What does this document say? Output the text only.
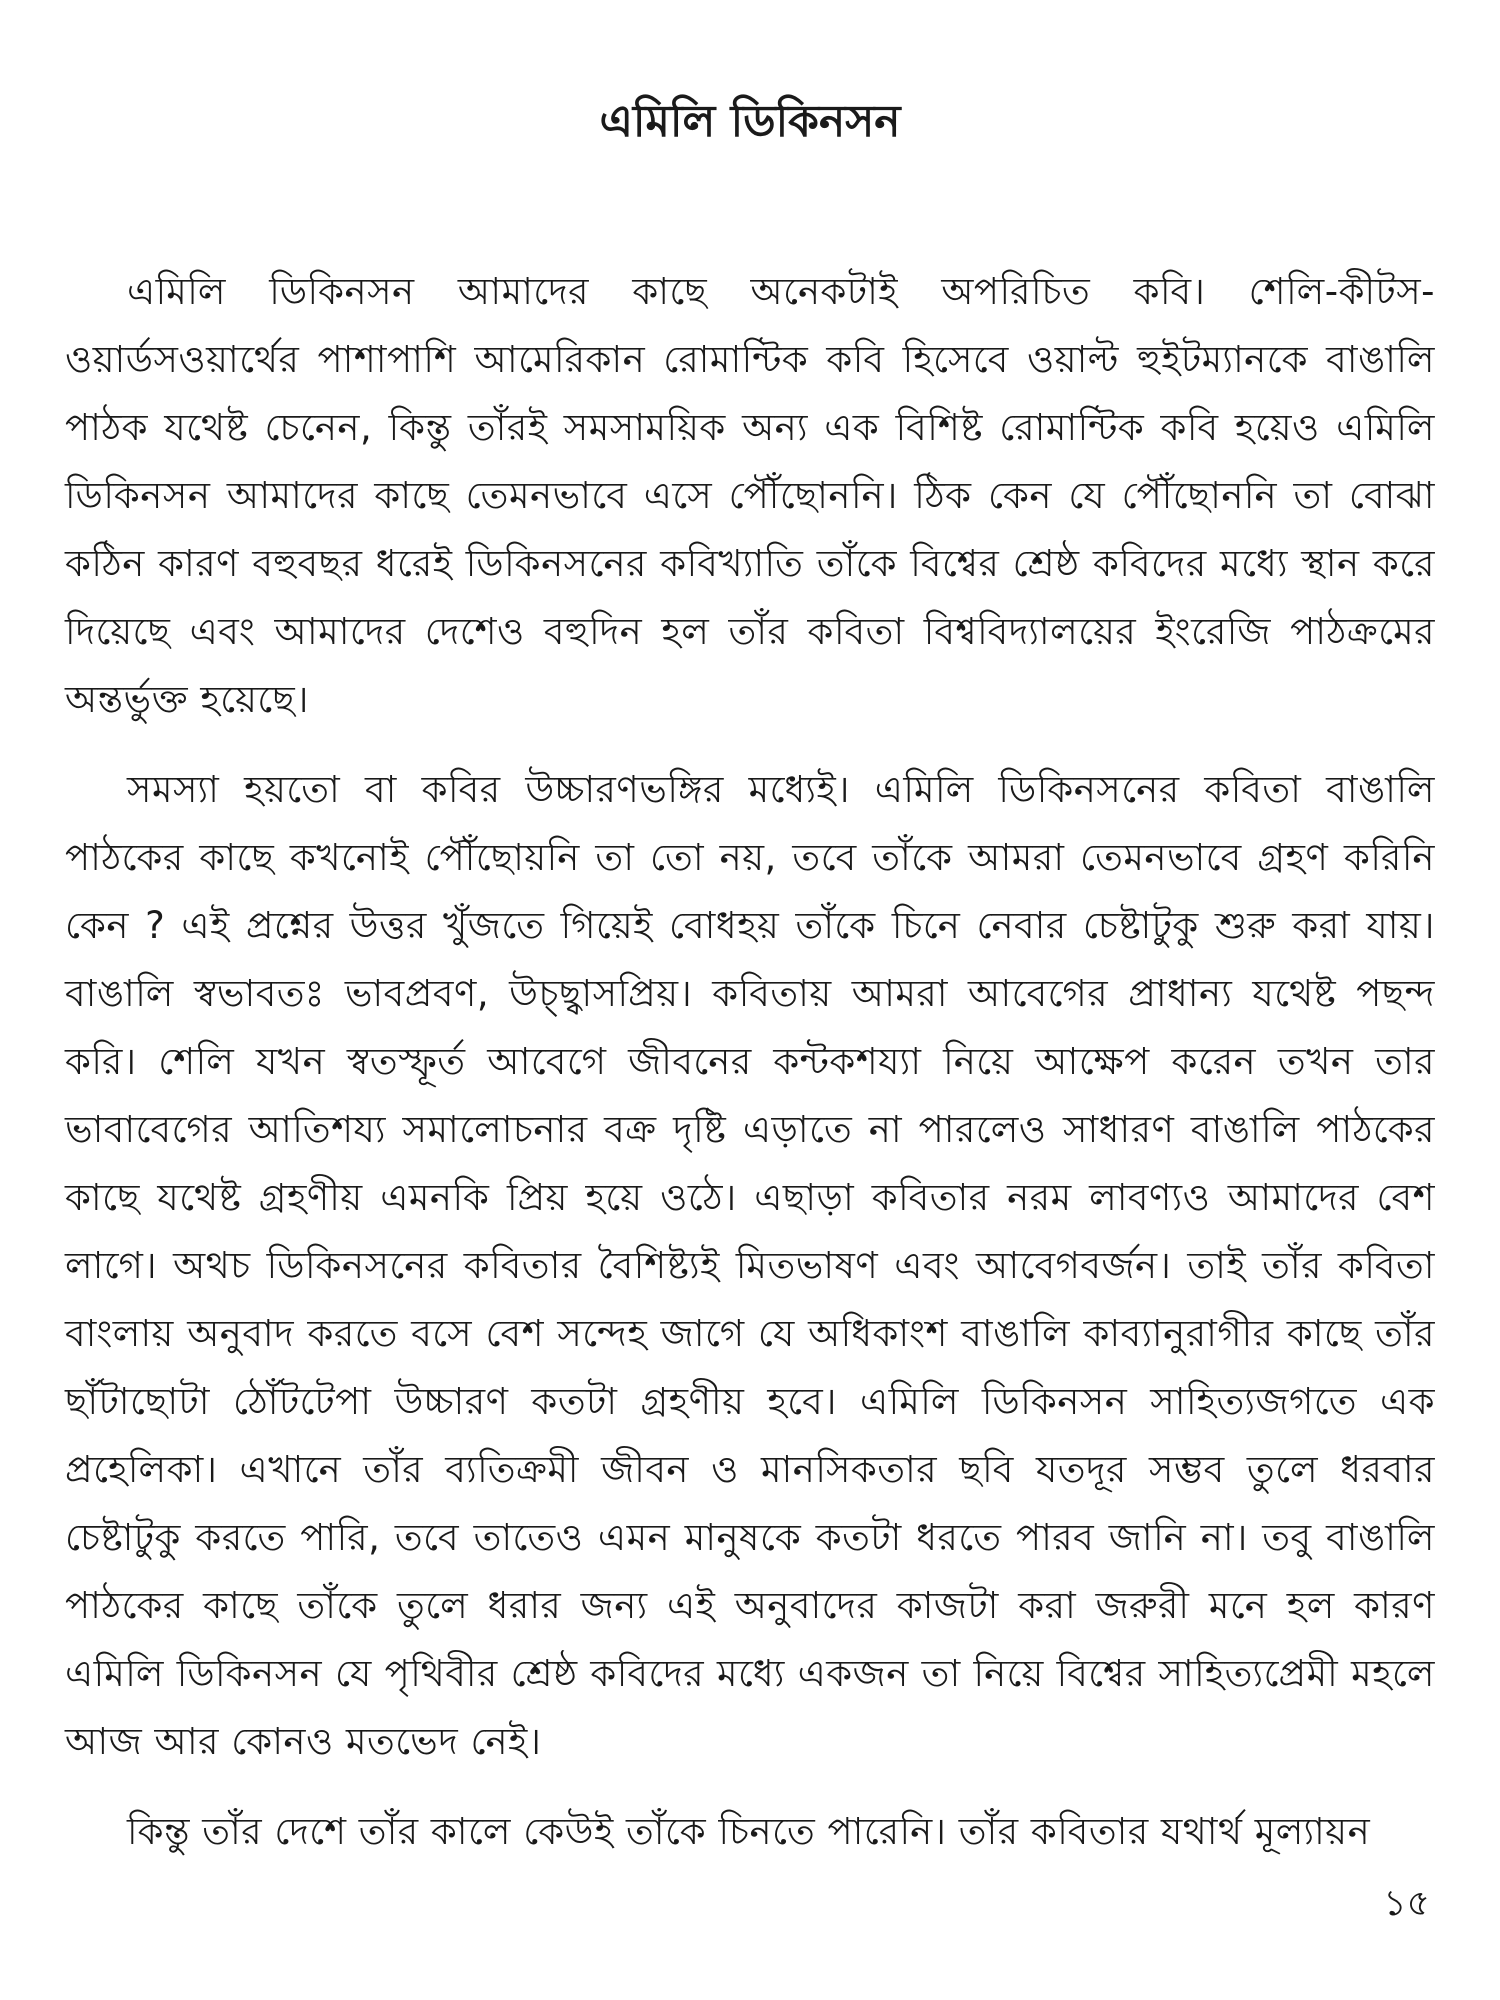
এমিলি ডিকিনসন

এমিলি ডিকিনসন আমাদের কাছে অনেকটাই অপরিচিত কবি। শেলি-কীটস-ওয়ার্ডসওয়ার্থের পাশাপাশি আমেরিকান রোমান্টিক কবি হিসেবে ওয়াল্ট হুইটম্যানকে বাঙালি পাঠক যথেষ্ট চেনেন, কিন্তু তাঁরই সমসাময়িক অন্য এক বিশিষ্ট রোমান্টিক কবি হয়েও এমিলি ডিকিনসন আমাদের কাছে তেমনভাবে এসে পৌঁছোননি। ঠিক কেন যে পৌঁছোননি তা বোঝা কঠিন কারণ বহুবছর ধরেই ডিকিনসনের কবিখ্যাতি তাঁকে বিশ্বের শ্রেষ্ঠ কবিদের মধ্যে স্থান করে দিয়েছে এবং আমাদের দেশেও বহুদিন হল তাঁর কবিতা বিশ্ববিদ্যালয়ের ইংরেজি পাঠক্রমের অন্তর্ভুক্ত হয়েছে।

সমস্যা হয়তো বা কবির উচ্চারণভঙ্গির মধ্যেই। এমিলি ডিকিনসনের কবিতা বাঙালি পাঠকের কাছে কখনোই পৌঁছোয়নি তা তো নয়, তবে তাঁকে আমরা তেমনভাবে গ্রহণ করিনি কেন ? এই প্রশ্নের উত্তর খুঁজতে গিয়েই বোধহয় তাঁকে চিনে নেবার চেষ্টাটুকু শুরু করা যায়। বাঙালি স্বভাবতঃ ভাবপ্রবণ, উচ্ছ্বাসপ্রিয়। কবিতায় আমরা আবেগের প্রাধান্য যথেষ্ট পছন্দ করি। শেলি যখন স্বতস্ফূর্ত আবেগে জীবনের কন্টকশয্যা নিয়ে আক্ষেপ করেন তখন তার ভাবাবেগের আতিশয্য সমালোচনার বক্র দৃষ্টি এড়াতে না পারলেও সাধারণ বাঙালি পাঠকের কাছে যথেষ্ট গ্রহণীয় এমনকি প্রিয় হয়ে ওঠে। এছাড়া কবিতার নরম লাবণ্যও আমাদের বেশ লাগে। অথচ ডিকিনসনের কবিতার বৈশিষ্ট্যই মিতভাষণ এবং আবেগবর্জন। তাই তাঁর কবিতা বাংলায় অনুবাদ করতে বসে বেশ সন্দেহ জাগে যে অধিকাংশ বাঙালি কাব্যানুরাগীর কাছে তাঁর ছাঁটাছোটা ঠোঁটটেপা উচ্চারণ কতটা গ্রহণীয় হবে। এমিলি ডিকিনসন সাহিত্যজগতে এক প্রহেলিকা। এখানে তাঁর ব্যতিক্রমী জীবন ও মানসিকতার ছবি যতদূর সম্ভব তুলে ধরবার চেষ্টাটুকু করতে পারি, তবে তাতেও এমন মানুষকে কতটা ধরতে পারব জানি না। তবু বাঙালি পাঠকের কাছে তাঁকে তুলে ধরার জন্য এই অনুবাদের কাজটা করা জরুরী মনে হল কারণ এমিলি ডিকিনসন যে পৃথিবীর শ্রেষ্ঠ কবিদের মধ্যে একজন তা নিয়ে বিশ্বের সাহিত্যপ্রেমী মহলে আজ আর কোনও মতভেদ নেই।

কিন্তু তাঁর দেশে তাঁর কালে কেউই তাঁকে চিনতে পারেনি। তাঁর কবিতার যথার্থ মূল্যায়ন

১৫
